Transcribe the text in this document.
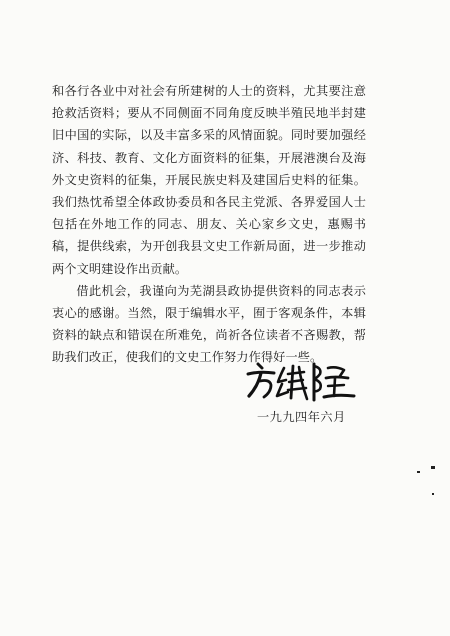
和各行各业中对社会有所建树的人士的资料，尤其要注意抢救活资料；要从不同侧面不同角度反映半殖民地半封建旧中国的实际，以及丰富多采的风情面貌。同时要加强经济、科技、教育、文化方面资料的征集，开展港澳台及海外文史资料的征集，开展民族史料及建国后史料的征集。我们热忱希望全体政协委员和各民主党派、各界爱国人士包括在外地工作的同志、朋友、关心家乡文史，惠赐书稿，提供线索，为开创我县文史工作新局面，进一步推动两个文明建设作出贡献。

借此机会，我谨向为芜湖县政协提供资料的同志表示衷心的感谢。当然，限于编辑水平，囿于客观条件，本辑资料的缺点和错误在所难免，尚祈各位读者不吝赐教，帮助我们改正，使我们的文史工作努力作得好一些。

一九九四年六月
